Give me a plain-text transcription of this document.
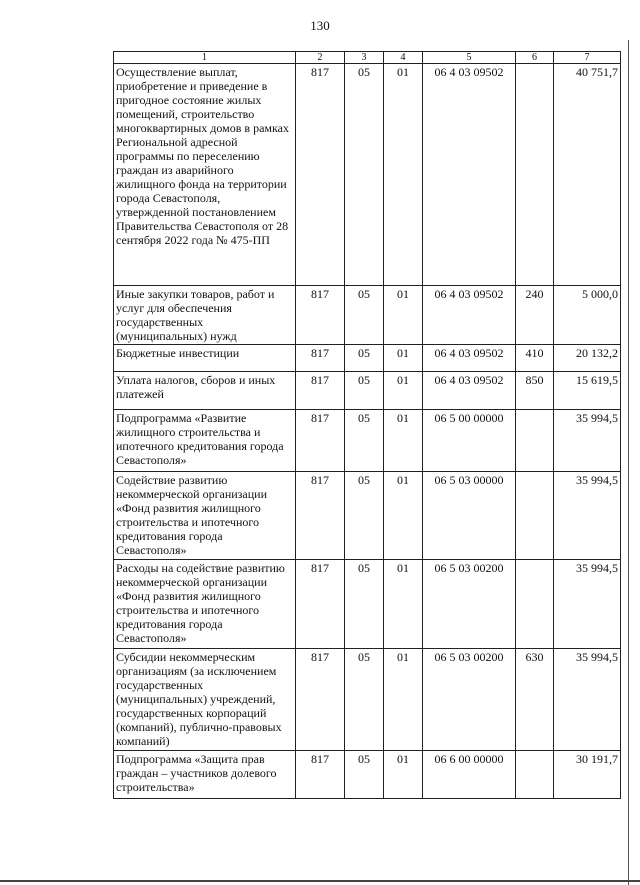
130
1	2	3	4	5	6	7
Осуществление выплат, приобретение и приведение в пригодное состояние жилых помещений, строительство многоквартирных домов в рамках Региональной адресной программы по переселению граждан из аварийного жилищного фонда на территории города Севастополя, утвержденной постановлением Правительства Севастополя от 28 сентября 2022 года № 475-ПП	817	05	01	06 4 03 09502		40 751,7
Иные закупки товаров, работ и услуг для обеспечения государственных (муниципальных) нужд	817	05	01	06 4 03 09502	240	5 000,0
Бюджетные инвестиции	817	05	01	06 4 03 09502	410	20 132,2
Уплата налогов, сборов и иных платежей	817	05	01	06 4 03 09502	850	15 619,5
Подпрограмма «Развитие жилищного строительства и ипотечного кредитования города Севастополя»	817	05	01	06 5 00 00000		35 994,5
Содействие развитию некоммерческой организации «Фонд развития жилищного строительства и ипотечного кредитования города Севастополя»	817	05	01	06 5 03 00000		35 994,5
Расходы на содействие развитию некоммерческой организации «Фонд развития жилищного строительства и ипотечного кредитования города Севастополя»	817	05	01	06 5 03 00200		35 994,5
Субсидии некоммерческим организациям (за исключением государственных (муниципальных) учреждений, государственных корпораций (компаний), публично-правовых компаний)	817	05	01	06 5 03 00200	630	35 994,5
Подпрограмма «Защита прав граждан – участников долевого строительства»	817	05	01	06 6 00 00000		30 191,7
